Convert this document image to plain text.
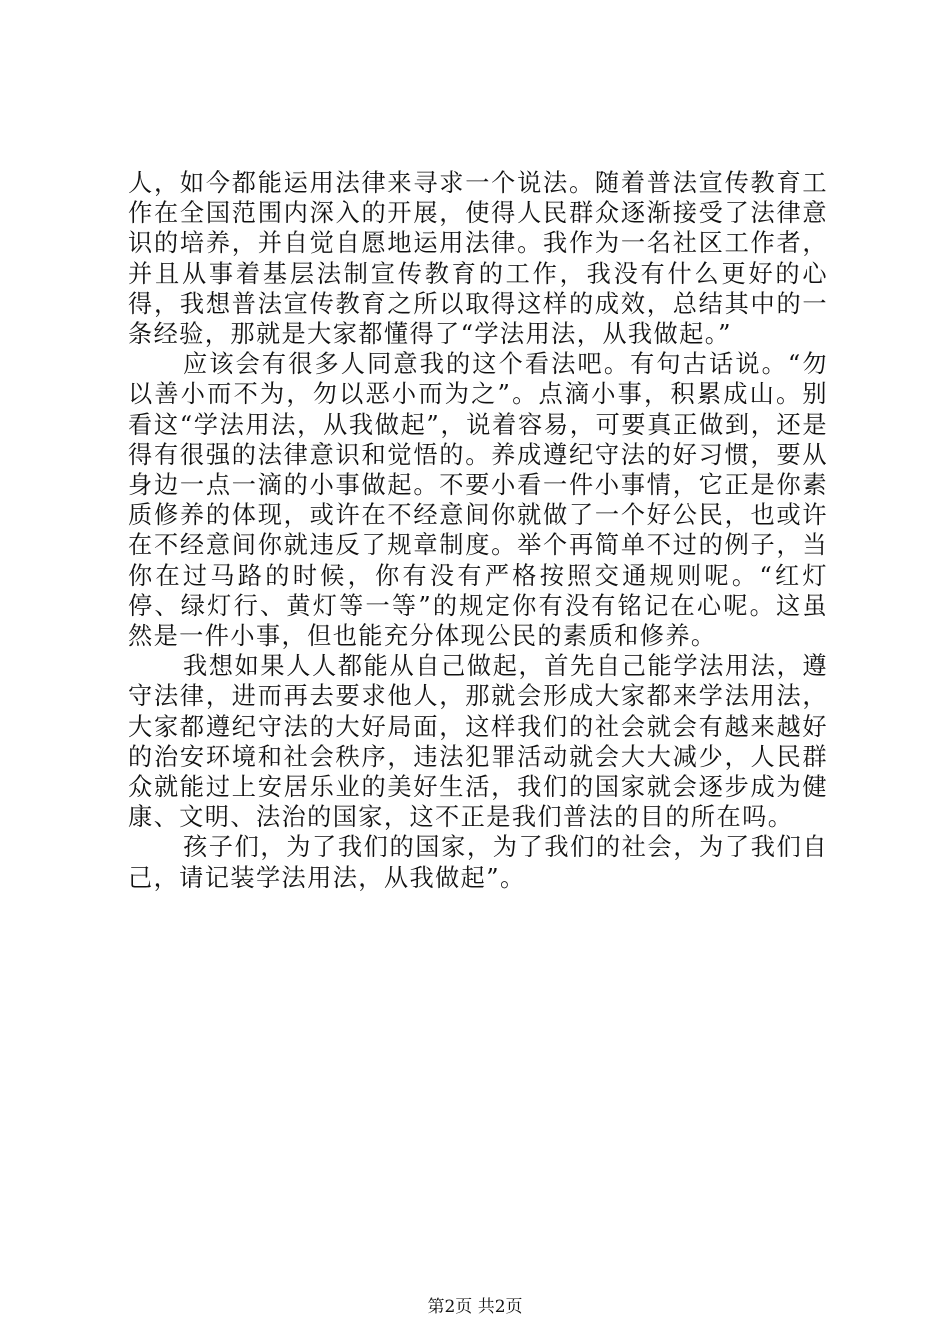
人，如今都能运用法律来寻求一个说法。随着普法宣传教育工作在全国范围内深入的开展，使得人民群众逐渐接受了法律意识的培养，并自觉自愿地运用法律。我作为一名社区工作者，并且从事着基层法制宣传教育的工作，我没有什么更好的心得，我想普法宣传教育之所以取得这样的成效，总结其中的一条经验，那就是大家都懂得了“学法用法，从我做起。”

应该会有很多人同意我的这个看法吧。有句古话说。“勿以善小而不为，勿以恶小而为之”。点滴小事，积累成山。别看这“学法用法，从我做起”，说着容易，可要真正做到，还是得有很强的法律意识和觉悟的。养成遵纪守法的好习惯，要从身边一点一滴的小事做起。不要小看一件小事情，它正是你素质修养的体现，或许在不经意间你就做了一个好公民，也或许在不经意间你就违反了规章制度。举个再简单不过的例子，当你在过马路的时候，你有没有严格按照交通规则呢。“红灯停、绿灯行、黄灯等一等”的规定你有没有铭记在心呢。这虽然是一件小事，但也能充分体现公民的素质和修养。

我想如果人人都能从自己做起，首先自己能学法用法，遵守法律，进而再去要求他人，那就会形成大家都来学法用法，大家都遵纪守法的大好局面，这样我们的社会就会有越来越好的治安环境和社会秩序，违法犯罪活动就会大大减少，人民群众就能过上安居乐业的美好生活，我们的国家就会逐步成为健康、文明、法治的国家，这不正是我们普法的目的所在吗。

孩子们，为了我们的国家，为了我们的社会，为了我们自己，请记装学法用法，从我做起”。

第2页 共2页
